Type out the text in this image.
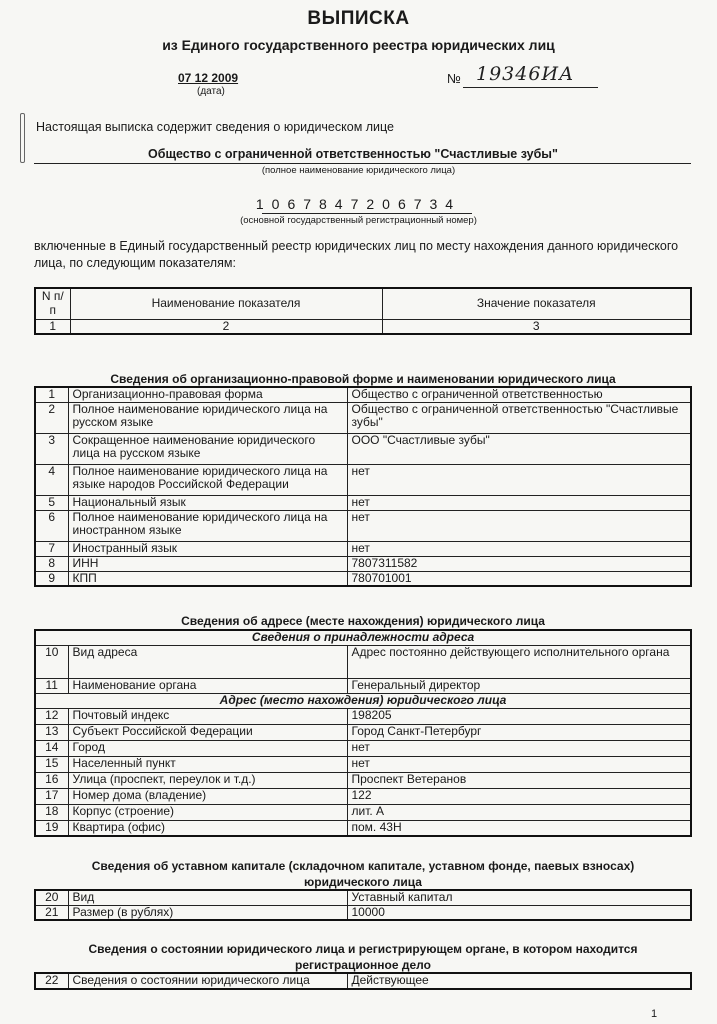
ВЫПИСКА
из Единого государственного реестра юридических лиц
07 12 2009
(дата)
№ 19346ИА
Настоящая выписка содержит сведения о юридическом лице
Общество с ограниченной ответственностью "Счастливые зубы"
(полное наименование юридического лица)
1067847206734
(основной государственный регистрационный номер)
включенные в Единый государственный реестр юридических лиц по месту нахождения данного юридического лица, по следующим показателям:
N п/п	Наименование показателя	Значение показателя
1	2	3
Сведения об организационно-правовой форме и наименовании юридического лица
1	Организационно-правовая форма	Общество с ограниченной ответственностью
2	Полное наименование юридического лица на русском языке	Общество с ограниченной ответственностью "Счастливые зубы"
3	Сокращенное наименование юридического лица на русском языке	ООО "Счастливые зубы"
4	Полное наименование юридического лица на языке народов Российской Федерации	нет
5	Национальный язык	нет
6	Полное наименование юридического лица на иностранном языке	нет
7	Иностранный язык	нет
8	ИНН	7807311582
9	КПП	780701001
Сведения об адресе (месте нахождения) юридического лица
Сведения о принадлежности адреса		
10	Вид адреса	Адрес постоянно действующего исполнительного органа
11	Наименование органа	Генеральный директор
Адрес (место нахождения) юридического лица		
12	Почтовый индекс	198205
13	Субъект Российской Федерации	Город Санкт-Петербург
14	Город	нет
15	Населенный пункт	нет
16	Улица (проспект, переулок и т.д.)	Проспект Ветеранов
17	Номер дома (владение)	122
18	Корпус (строение)	лит. А
19	Квартира (офис)	пом. 43Н
Сведения об уставном капитале (складочном капитале, уставном фонде, паевых взносах)
юридического лица
20	Вид	Уставный капитал
21	Размер (в рублях)	10000
Сведения о состоянии юридического лица и регистрирующем органе, в котором находится
регистрационное дело
22	Сведения о состоянии юридического лица	Действующее
1
